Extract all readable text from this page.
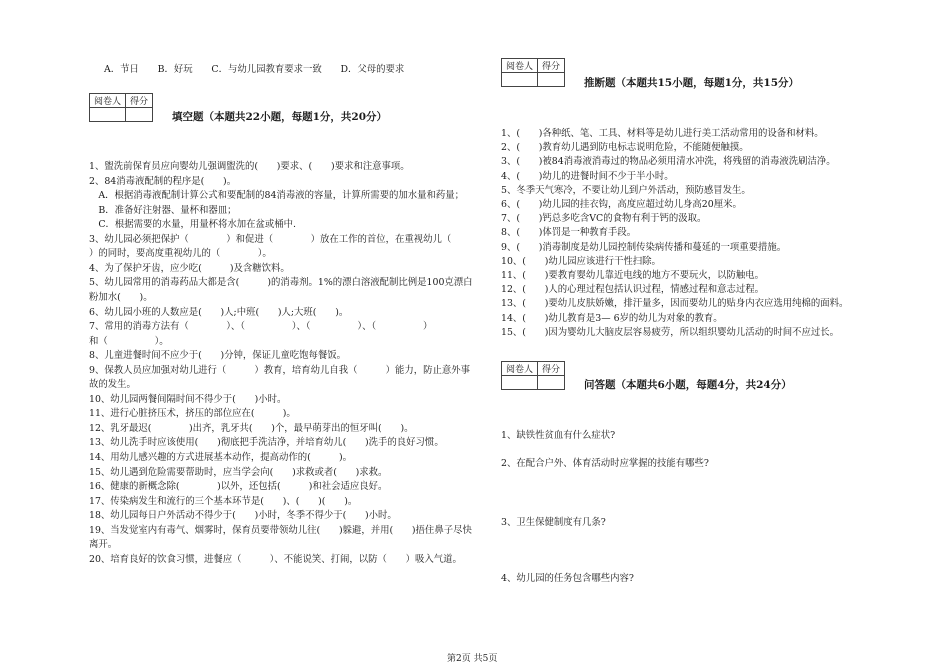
A．节日　　B．好玩　　C．与幼儿园教育要求一致　　D．父母的要求
阅卷人	得分

填空题（本题共22小题，每题1分，共20分）
1、盥洗前保育员应向婴幼儿强调盥洗的(　　)要求、(　　)要求和注意事项。
2、84消毒液配制的程序是(　　)。
　A．根据消毒液配制计算公式和要配制的84消毒液的容量，计算所需要的加水量和药量；
　B．准备好注射器、量杯和器皿；
　C．根据需要的水量，用量杯将水加在盆或桶中.
3、幼儿园必须把保护（　　　　）和促进（　　　　）放在工作的首位，在重视幼儿（
）的同时，要高度重视幼儿的（　　　　）。
4、为了保护牙齿，应少吃(　　　)及含糖饮料。
5、幼儿园常用的消毒药品大都是含(　　　)的消毒剂。1%的漂白溶液配制比例是100克漂白
粉加水(　　)。
6、幼儿园小班的人数应是(　　)人;中班(　　)人;大班(　　)。
7、常用的消毒方法有（　　　　）、（　　　　　）、（　　　　　）、（　　　　　）
和（　　　　　）。
8、儿童进餐时间不应少于(　　)分钟，保证儿童吃饱每餐饭。
9、保教人员应加强对幼儿进行（　　　）教育，培育幼儿自我（　　　）能力，防止意外事
故的发生。
10、幼儿园两餐间隔时间不得少于(　　)小时。
11、进行心脏挤压术，挤压的部位应在(　　　)。
12、乳牙最迟(　　　　)出齐，乳牙共(　　)个，最早萌芽出的恒牙叫(　　)。
13、幼儿洗手时应该使用(　　)彻底把手洗洁净，并培育幼儿(　　)洗手的良好习惯。
14、用幼儿感兴趣的方式进展基本动作，提高动作的(　　　)。
15、幼儿遇到危险需要帮助时，应当学会向(　　)求救或者(　　)求救。
16、健康的新概念除(　　　　)以外，还包括(　　　)和社会适应良好。
17、传染病发生和流行的三个基本环节是(　　)、(　　)(　　)。
18、幼儿园每日户外活动不得少于(　　)小时，冬季不得少于(　　)小时。
19、当发觉室内有毒气、烟雾时，保育员要带领幼儿往(　　)躲避，并用(　　)捂住鼻子尽快
离开。
20、培育良好的饮食习惯，进餐应（　　　）、不能说笑、打闹，以防（　　）吸入气道。
阅卷人	得分

推断题（本题共15小题，每题1分，共15分）
1、(　　)各种纸、笔、工具、材料等是幼儿进行美工活动常用的设备和材料。
2、(　　)教育幼儿遇到防电标志说明危险，不能随便触摸。
3、(　　)被84消毒液消毒过的物品必须用清水冲洗，将残留的消毒液洗刷洁净。
4、(　　)幼儿的进餐时间不少于半小时。
5、冬季天气寒冷，不要让幼儿到户外活动，预防感冒发生。
6、(　　)幼儿园的挂衣钩，高度应超过幼儿身高20厘米。
7、(　　)钙总多吃含VC的食物有利于钙的汲取。
8、(　　)体罚是一种教育手段。
9、(　　)消毒制度是幼儿园控制传染病传播和蔓延的一项重要措施。
10、(　　)幼儿园应该进行干性扫除。
11、(　　)要教育婴幼儿靠近电线的地方不要玩火，以防触电。
12、(　　)人的心理过程包括认识过程，情感过程和意志过程。
13、(　　)要幼儿皮肤娇嫩，排汗量多，因而要幼儿的贴身内衣应选用纯棉的面料。
14、(　　)幼儿教育是3— 6岁的幼儿为对象的教育。
15、(　　)因为婴幼儿大脑皮层容易疲劳，所以组织婴幼儿活动的时间不应过长。
阅卷人	得分

问答题（本题共6小题，每题4分，共24分）
1、缺铁性贫血有什么症状?
2、在配合户外、体育活动时应掌握的技能有哪些?
3、卫生保健制度有几条?
4、幼儿园的任务包含哪些内容?
第2页 共5页
